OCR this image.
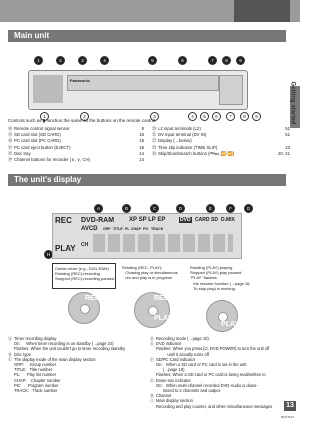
Getting started
Main unit
1	2	3	4	5	6	7	8	9
Panasonic
1	2	3	4	5	6	7	8	9
Controls such as ▮ function the same as the buttons on the remote control.
⑭ Remote control signal sensor	8
⑮ SD card slot (SD CARD)	18
⑯ PC card slot (PC CARD)	18
⑰ PC card eject button (EJECT)	18
⑱ Disc tray	14
⑲ Channel buttons for recorder (∧, ∨, CH)	14
⑳ L2 input terminals (L2)	51
㉑ DV input terminal (DV IN)	51
㉒ Display (→below)
㉓ Time slip indicator (TIME SLIP)	23
㉔ Skip/Slow/Search buttons (⏮/⏭, ⏪/⏩)	20, 21
The unit's display
A	B	C	D	E	F	G
H
REC
PLAY
DVD-RAM
AVCD
XP SP LP EP	DVD CARD SD D.MIX
GRP TITLE PL CHAP PG TRACK
CH
Center circle (e.g., DVD-RAM)
Rotating (REC):recording
Stopped (REC):recording paused
Rotating (REC, PLAY):
Chasing play or simultaneous
rec and play is in progress
Rotating (PLAY):playing
Stopped (PLAY):play paused
"PLAY" flashes:
the resume function (→page 16,
To stop play) is working
REC	REC
PLAY
PLAY
Ⓐ Timer recording display
On:     When timer recording is on standby (→page 24)
Flashes: When the unit couldn't go to timer recording standby
Ⓑ Disc type
Ⓒ The display mode of the main display section
GRP:     Group number
TITLE:   Title number
PL:      Play list number
CHAP:    Chapter number
PG:      Program number
TRACK:   Track number
Ⓓ Recording mode (→page 10)
Ⓔ DVD indicator
Flashes: When you press [⏻, DVD POWER] to turn the unit off
until it actually turns off
Ⓕ SD/PC Card indicator
On:   When a SD card or PC card is set in the unit
(→page 18)
Flashes: When a SD card or PC card is being read/written to
Ⓖ Down-mix indicator
On:   When multi-channel recorded DVD-Audio is down-
mixed to 2 channels and output.
Ⓗ Channel
Ⓘ Main display section
Recording and play counter, and other miscellaneous messages 13
RQT7107
